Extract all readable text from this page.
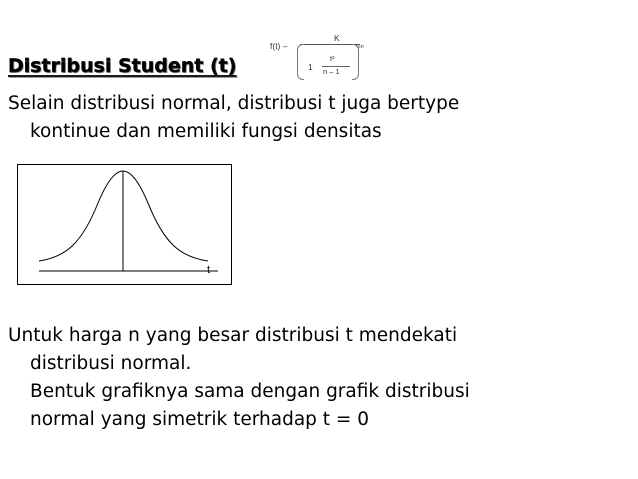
Distribusi Student (t)
f(t) –
K
1
t²
n – 1
½n

Selain distribusi normal, distribusi t juga bertype
kontinue dan memiliki fungsi densitas

t

Untuk harga n yang besar distribusi t mendekati
distribusi normal.
Bentuk grafiknya sama dengan grafik distribusi
normal yang simetrik terhadap t = 0
